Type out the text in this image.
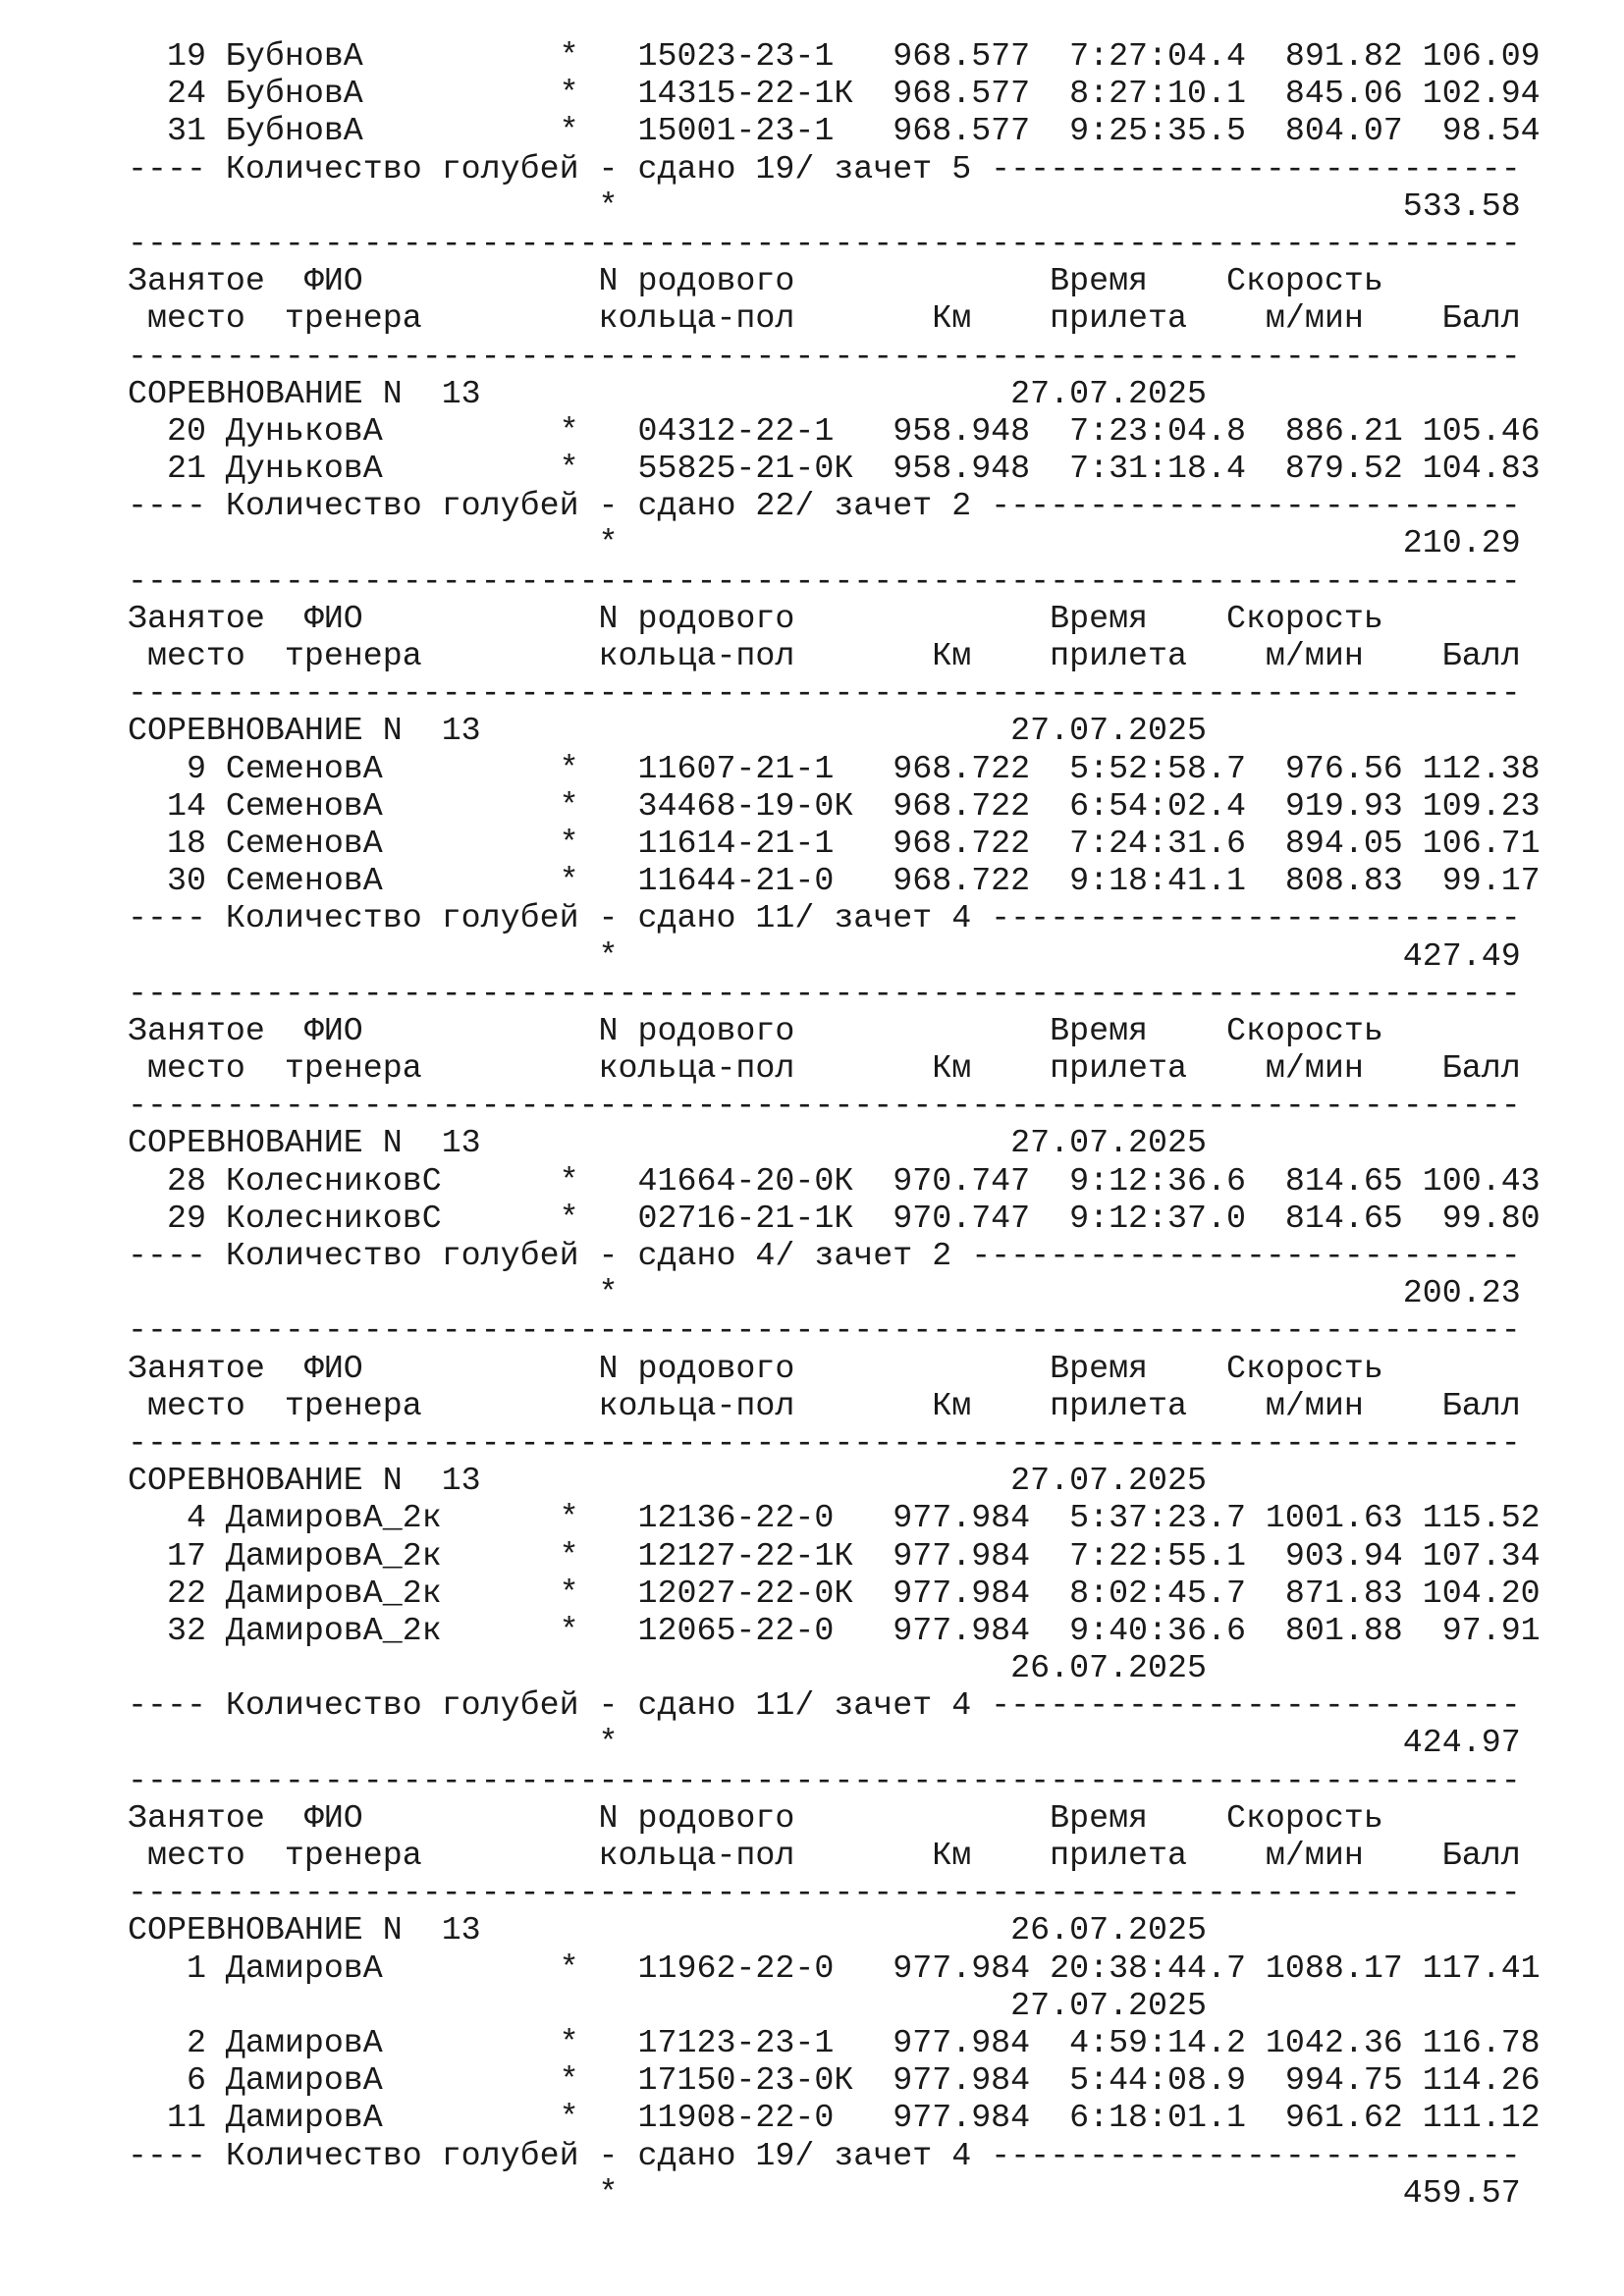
19 БубновА          *   15023-23-1   968.577  7:27:04.4  891.82 106.09
24 БубновА          *   14315-22-1К  968.577  8:27:10.1  845.06 102.94
31 БубновА          *   15001-23-1   968.577  9:25:35.5  804.07  98.54
---- Количество голубей - сдано 19/ зачет 5 ---------------------------
*                                        533.58
-----------------------------------------------------------------------
Занятое  ФИО            N родового             Время    Скорость
место  тренера         кольца-пол       Км    прилета    м/мин    Балл
-----------------------------------------------------------------------
СОРЕВНОВАНИЕ N  13                           27.07.2025
20 ДуньковА         *   04312-22-1   958.948  7:23:04.8  886.21 105.46
21 ДуньковА         *   55825-21-0К  958.948  7:31:18.4  879.52 104.83
---- Количество голубей - сдано 22/ зачет 2 ---------------------------
*                                        210.29
-----------------------------------------------------------------------
Занятое  ФИО            N родового             Время    Скорость
место  тренера         кольца-пол       Км    прилета    м/мин    Балл
-----------------------------------------------------------------------
СОРЕВНОВАНИЕ N  13                           27.07.2025
9 СеменовА         *   11607-21-1   968.722  5:52:58.7  976.56 112.38
14 СеменовА         *   34468-19-0К  968.722  6:54:02.4  919.93 109.23
18 СеменовА         *   11614-21-1   968.722  7:24:31.6  894.05 106.71
30 СеменовА         *   11644-21-0   968.722  9:18:41.1  808.83  99.17
---- Количество голубей - сдано 11/ зачет 4 ---------------------------
*                                        427.49
-----------------------------------------------------------------------
Занятое  ФИО            N родового             Время    Скорость
место  тренера         кольца-пол       Км    прилета    м/мин    Балл
-----------------------------------------------------------------------
СОРЕВНОВАНИЕ N  13                           27.07.2025
28 КолесниковС      *   41664-20-0К  970.747  9:12:36.6  814.65 100.43
29 КолесниковС      *   02716-21-1К  970.747  9:12:37.0  814.65  99.80
---- Количество голубей - сдано 4/ зачет 2 ----------------------------
*                                        200.23
-----------------------------------------------------------------------
Занятое  ФИО            N родового             Время    Скорость
место  тренера         кольца-пол       Км    прилета    м/мин    Балл
-----------------------------------------------------------------------
СОРЕВНОВАНИЕ N  13                           27.07.2025
4 ДамировА_2к      *   12136-22-0   977.984  5:37:23.7 1001.63 115.52
17 ДамировА_2к      *   12127-22-1К  977.984  7:22:55.1  903.94 107.34
22 ДамировА_2к      *   12027-22-0К  977.984  8:02:45.7  871.83 104.20
32 ДамировА_2к      *   12065-22-0   977.984  9:40:36.6  801.88  97.91
26.07.2025
---- Количество голубей - сдано 11/ зачет 4 ---------------------------
*                                        424.97
-----------------------------------------------------------------------
Занятое  ФИО            N родового             Время    Скорость
место  тренера         кольца-пол       Км    прилета    м/мин    Балл
-----------------------------------------------------------------------
СОРЕВНОВАНИЕ N  13                           26.07.2025
1 ДамировА         *   11962-22-0   977.984 20:38:44.7 1088.17 117.41
27.07.2025
2 ДамировА         *   17123-23-1   977.984  4:59:14.2 1042.36 116.78
6 ДамировА         *   17150-23-0К  977.984  5:44:08.9  994.75 114.26
11 ДамировА         *   11908-22-0   977.984  6:18:01.1  961.62 111.12
---- Количество голубей - сдано 19/ зачет 4 ---------------------------
*                                        459.57
